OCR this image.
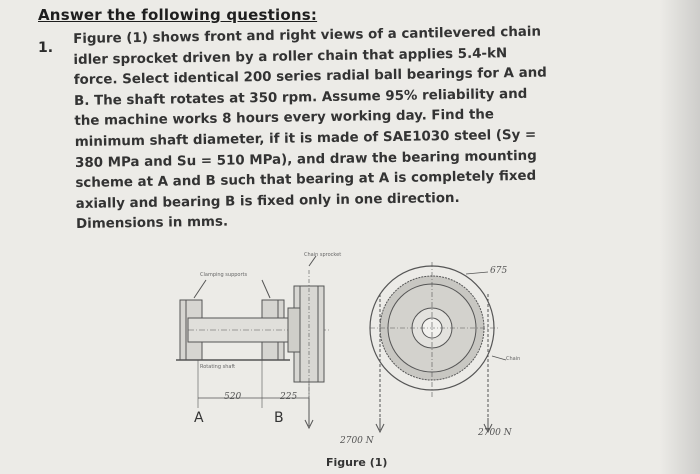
Answer the following questions:
1.
Figure (1) shows front and right views of a cantilevered chain
idler sprocket driven by a roller chain that applies 5.4-kN
force. Select identical 200 series radial ball bearings for A and
B. The shaft rotates at 350 rpm. Assume 95% reliability and
the machine works 8 hours every working day. Find the
minimum shaft diameter, if it is made of SAE1030 steel (Sy =
380 MPa and Su = 510 MPa), and draw the bearing mounting
scheme at A and B such that bearing at A is completely fixed
axially and bearing B is fixed only in one direction.
Dimensions in mms.
Clamping supports
Chain sprocket
Rotating shaft
Chain
675
520	225
A	B
2700 N
2700 N
Figure (1)
